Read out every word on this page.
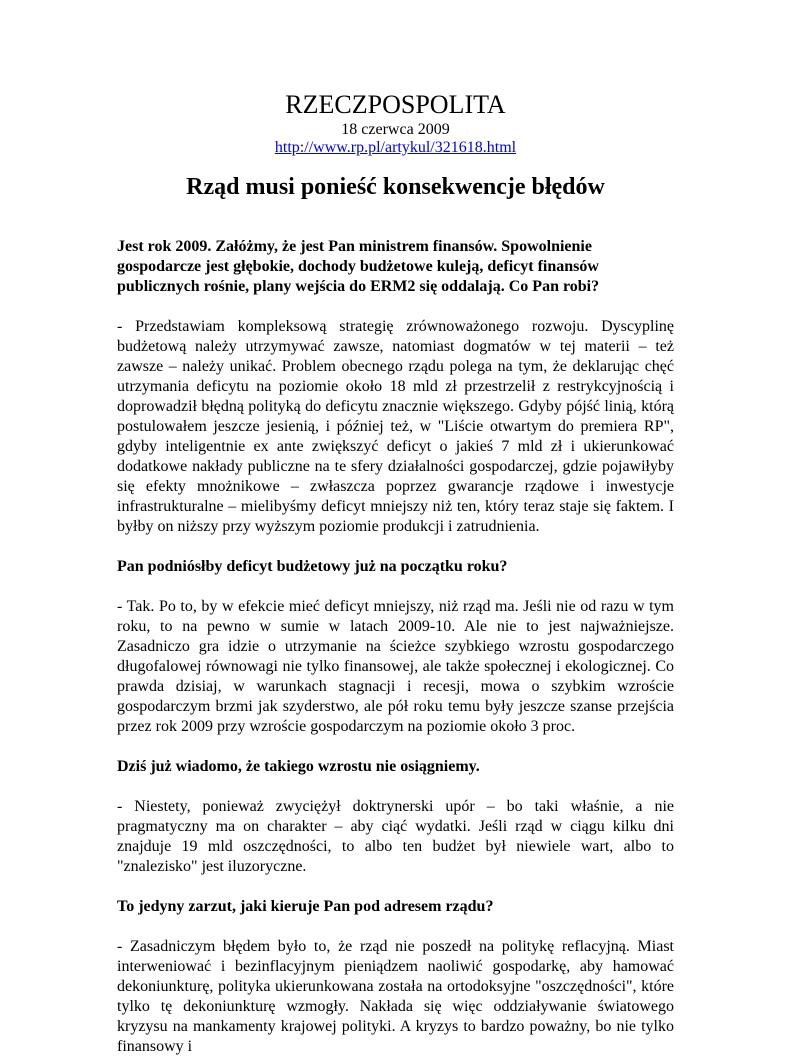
RZECZPOSPOLITA
18 czerwca 2009
http://www.rp.pl/artykul/321618.html
Rząd musi ponieść konsekwencje błędów

Jest rok 2009. Załóżmy, że jest Pan ministrem finansów. Spowolnienie gospodarcze jest głębokie, dochody budżetowe kuleją, deficyt finansów publicznych rośnie, plany wejścia do ERM2 się oddalają. Co Pan robi?

- Przedstawiam kompleksową strategię zrównoważonego rozwoju. Dyscyplinę budżetową należy utrzymywać zawsze, natomiast dogmatów w tej materii – też zawsze – należy unikać. Problem obecnego rządu polega na tym, że deklarując chęć utrzymania deficytu na poziomie około 18 mld zł przestrzelił z restrykcyjnością i doprowadził błędną polityką do deficytu znacznie większego. Gdyby pójść linią, którą postulowałem jeszcze jesienią, i później też, w "Liście otwartym do premiera RP", gdyby inteligentnie ex ante zwiększyć deficyt o jakieś 7 mld zł i ukierunkować dodatkowe nakłady publiczne na te sfery działalności gospodarczej, gdzie pojawiłyby się efekty mnożnikowe – zwłaszcza poprzez gwarancje rządowe i inwestycje infrastrukturalne – mielibyśmy deficyt mniejszy niż ten, który teraz staje się faktem. I byłby on niższy przy wyższym poziomie produkcji i zatrudnienia.

Pan podniósłby deficyt budżetowy już na początku roku?

- Tak. Po to, by w efekcie mieć deficyt mniejszy, niż rząd ma. Jeśli nie od razu w tym roku, to na pewno w sumie w latach 2009-10. Ale nie to jest najważniejsze. Zasadniczo gra idzie o utrzymanie na ścieżce szybkiego wzrostu gospodarczego długofalowej równowagi nie tylko finansowej, ale także społecznej i ekologicznej. Co prawda dzisiaj, w warunkach stagnacji i recesji, mowa o szybkim wzroście gospodarczym brzmi jak szyderstwo, ale pół roku temu były jeszcze szanse przejścia przez rok 2009 przy wzroście gospodarczym na poziomie około 3 proc.

Dziś już wiadomo, że takiego wzrostu nie osiągniemy.

- Niestety, ponieważ zwyciężył doktrynerski upór – bo taki właśnie, a nie pragmatyczny ma on charakter – aby ciąć wydatki. Jeśli rząd w ciągu kilku dni znajduje 19 mld oszczędności, to albo ten budżet był niewiele wart, albo to "znalezisko" jest iluzoryczne.

To jedyny zarzut, jaki kieruje Pan pod adresem rządu?

- Zasadniczym błędem było to, że rząd nie poszedł na politykę reflacyjną. Miast interweniować i bezinflacyjnym pieniądzem naoliwić gospodarkę, aby hamować dekoniunkturę, polityka ukierunkowana została na ortodoksyjne "oszczędności", które tylko tę dekoniunkturę wzmogły. Nakłada się więc oddziaływanie światowego kryzysu na mankamenty krajowej polityki. A kryzys to bardzo poważny, bo nie tylko finansowy i
